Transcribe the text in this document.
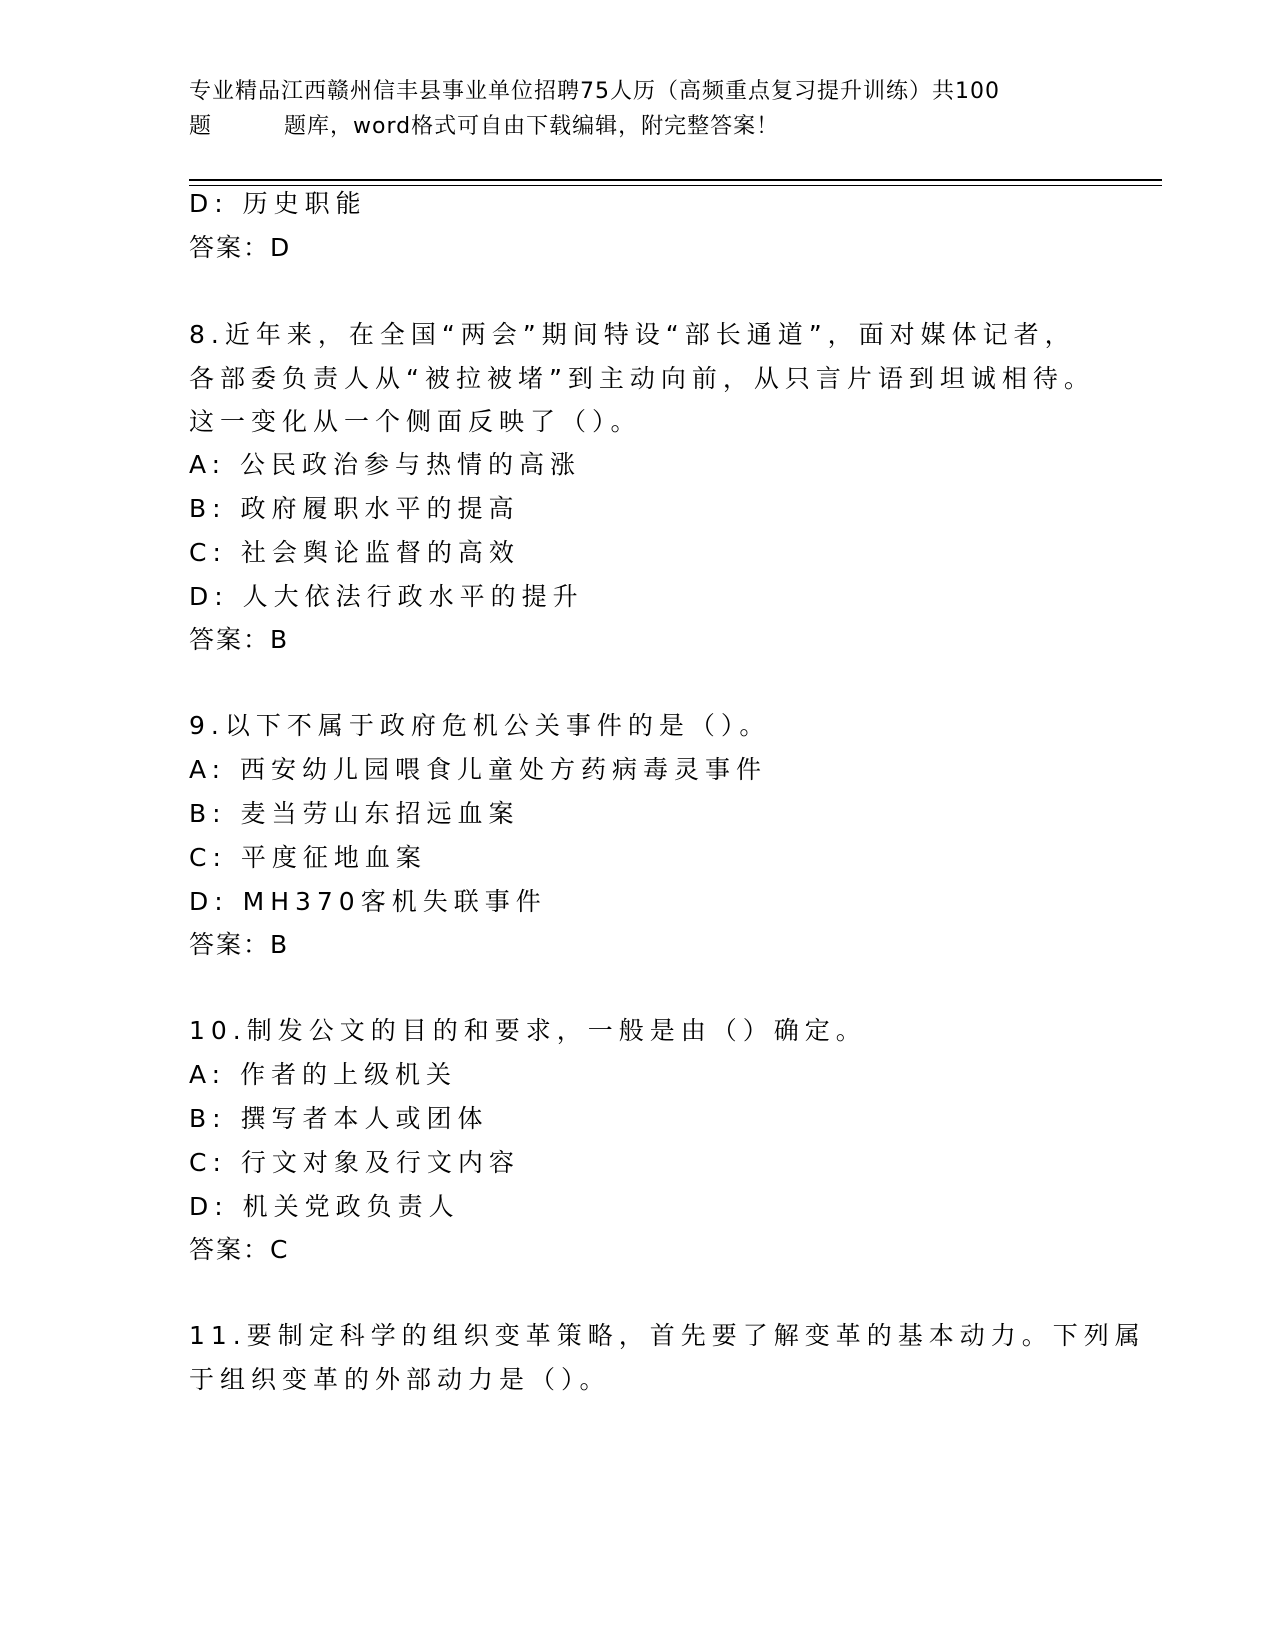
专业精品江西赣州信丰县事业单位招聘75人历（高频重点复习提升训练）共100
题	题库，word格式可自由下载编辑，附完整答案！
D: 历史职能
答案：D
8.近年来，在全国“两会”期间特设“部长通道”，面对媒体记者，
各部委负责人从“被拉被堵”到主动向前，从只言片语到坦诚相待。
这一变化从一个侧面反映了（）。
A: 公民政治参与热情的高涨
B: 政府履职水平的提高
C: 社会舆论监督的高效
D: 人大依法行政水平的提升
答案：B
9.以下不属于政府危机公关事件的是（）。
A: 西安幼儿园喂食儿童处方药病毒灵事件
B: 麦当劳山东招远血案
C: 平度征地血案
D: MH370客机失联事件
答案：B
10.制发公文的目的和要求，一般是由（）确定。
A: 作者的上级机关
B: 撰写者本人或团体
C: 行文对象及行文内容
D: 机关党政负责人
答案：C
11.要制定科学的组织变革策略，首先要了解变革的基本动力。下列属
于组织变革的外部动力是（）。
